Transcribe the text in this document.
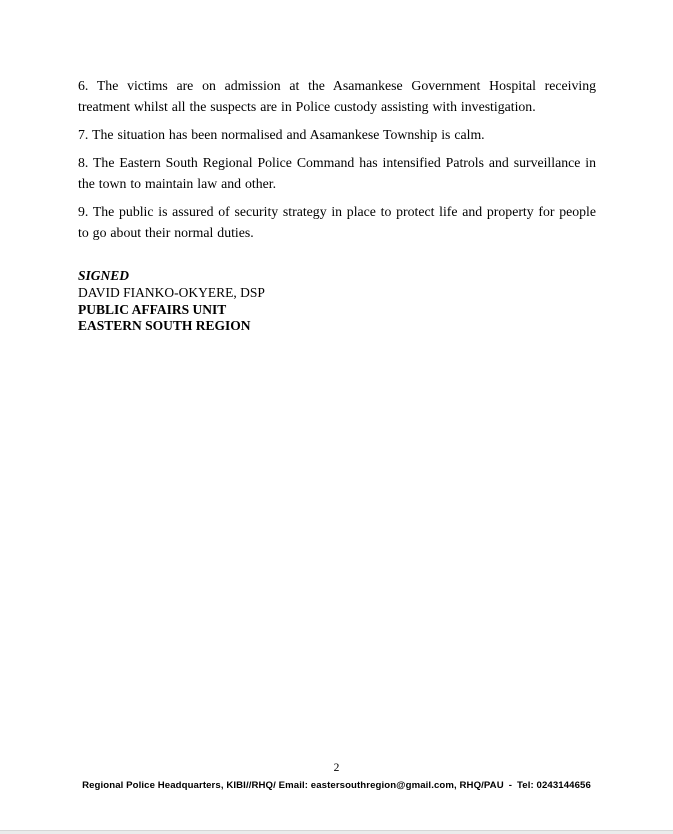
6. The victims are on admission at the Asamankese Government Hospital receiving treatment whilst all the suspects are in Police custody assisting with investigation.

7. The situation has been normalised and Asamankese Township is calm.

8. The Eastern South Regional Police Command has intensified Patrols and surveillance in the town to maintain law and other.

9. The public is assured of security strategy in place to protect life and property for people to go about their normal duties.

SIGNED
DAVID FIANKO-OKYERE, DSP
PUBLIC AFFAIRS UNIT
EASTERN SOUTH REGION
2
Regional Police Headquarters, KIBI//RHQ/ Email: eastersouthregion@gmail.com, RHQ/PAU - Tel: 0243144656
